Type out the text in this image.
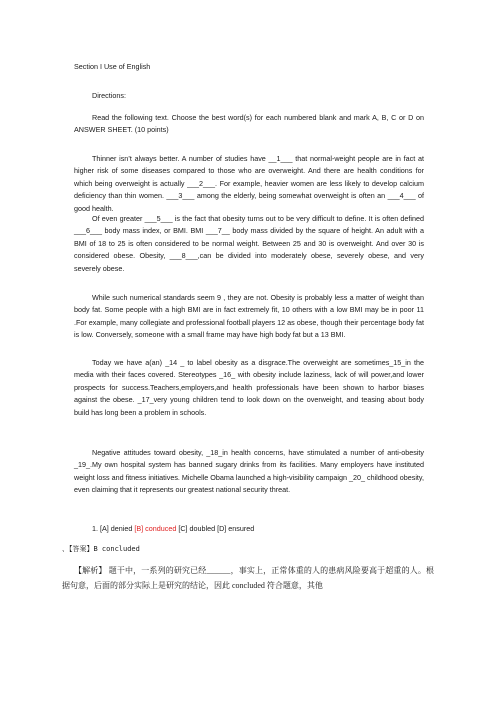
Section I Use of English

Directions:

Read the following text. Choose the best word(s) for each numbered blank and mark A, B, C or D on ANSWER SHEET. (10 points)

Thinner isn’t always better. A number of studies have __1___ that normal-weight people are in fact at higher risk of some diseases compared to those who are overweight. And there are health conditions for which being overweight is actually ___2___. For example, heavier women are less likely to develop calcium deficiency than thin women. ___3___ among the elderly, being somewhat overweight is often an ___4___ of good health.

Of even greater ___5___ is the fact that obesity turns out to be very difficult to define. It is often defined ___6___ body mass index, or BMI. BMI ___7__ body mass divided by the square of height. An adult with a BMI of 18 to 25 is often considered to be normal weight. Between 25 and 30 is overweight. And over 30 is considered obese. Obesity, ___8___,can be divided into moderately obese, severely obese, and very severely obese.

While such numerical standards seem 9 , they are not. Obesity is probably less a matter of weight than body fat. Some people with a high BMI are in fact extremely fit, 10 others with a low BMI may be in poor 11 .For example, many collegiate and professional football players 12 as obese, though their percentage body fat is low. Conversely, someone with a small frame may have high body fat but a 13 BMI.

Today we have a(an) _14 _ to label obesity as a disgrace.The overweight are sometimes_15_in the media with their faces covered. Stereotypes _16_ with obesity include laziness, lack of will power,and lower prospects for success.Teachers,employers,and health professionals have been shown to harbor biases against the obese. _17_very young children tend to look down on the overweight, and teasing about body build has long been a problem in schools.

Negative attitudes toward obesity, _18_in health concerns, have stimulated a number of anti-obesity _19_.My own hospital system has banned sugary drinks from its facilities. Many employers have instituted weight loss and fitness initiatives. Michelle Obama launched a high-visibility campaign _20_ childhood obesity, even claiming that it represents our greatest national security threat.

1. [A] denied [B] conduced [C] doubled [D] ensured

、【答案】B concluded

【解析】 题干中，一系列的研究已经______，事实上，正常体重的人的患病风险要高于超重的人。根据句意，后面的部分实际上是研究的结论，因此 concluded 符合题意，其他
